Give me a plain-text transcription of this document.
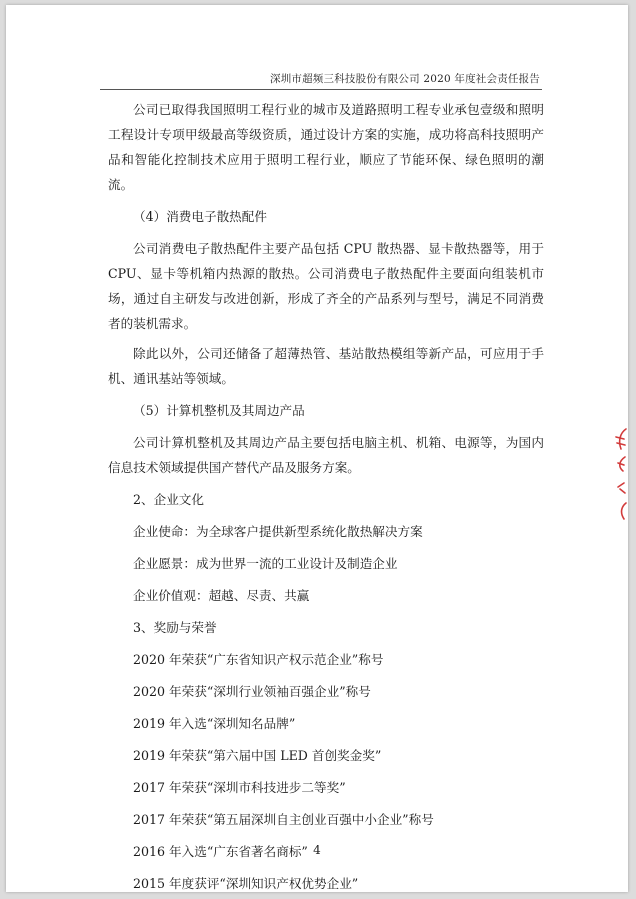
深圳市超频三科技股份有限公司 2020 年度社会责任报告

公司已取得我国照明工程行业的城市及道路照明工程专业承包壹级和照明工程设计专项甲级最高等级资质，通过设计方案的实施，成功将高科技照明产品和智能化控制技术应用于照明工程行业，顺应了节能环保、绿色照明的潮流。

（4）消费电子散热配件

公司消费电子散热配件主要产品包括 CPU 散热器、显卡散热器等，用于 CPU、显卡等机箱内热源的散热。公司消费电子散热配件主要面向组装机市场，通过自主研发与改进创新，形成了齐全的产品系列与型号，满足不同消费者的装机需求。

除此以外，公司还储备了超薄热管、基站散热模组等新产品，可应用于手机、通讯基站等领域。

（5）计算机整机及其周边产品

公司计算机整机及其周边产品主要包括电脑主机、机箱、电源等，为国内信息技术领域提供国产替代产品及服务方案。

2、企业文化

企业使命：为全球客户提供新型系统化散热解决方案

企业愿景：成为世界一流的工业设计及制造企业

企业价值观：超越、尽责、共赢

3、奖励与荣誉

2020 年荣获“广东省知识产权示范企业”称号

2020 年荣获“深圳行业领袖百强企业”称号

2019 年入选“深圳知名品牌”

2019 年荣获“第六届中国 LED 首创奖金奖”

2017 年荣获“深圳市科技进步二等奖”

2017 年荣获“第五届深圳自主创业百强中小企业”称号

2016 年入选“广东省著名商标”

2015 年度获评“深圳知识产权优势企业”

4
